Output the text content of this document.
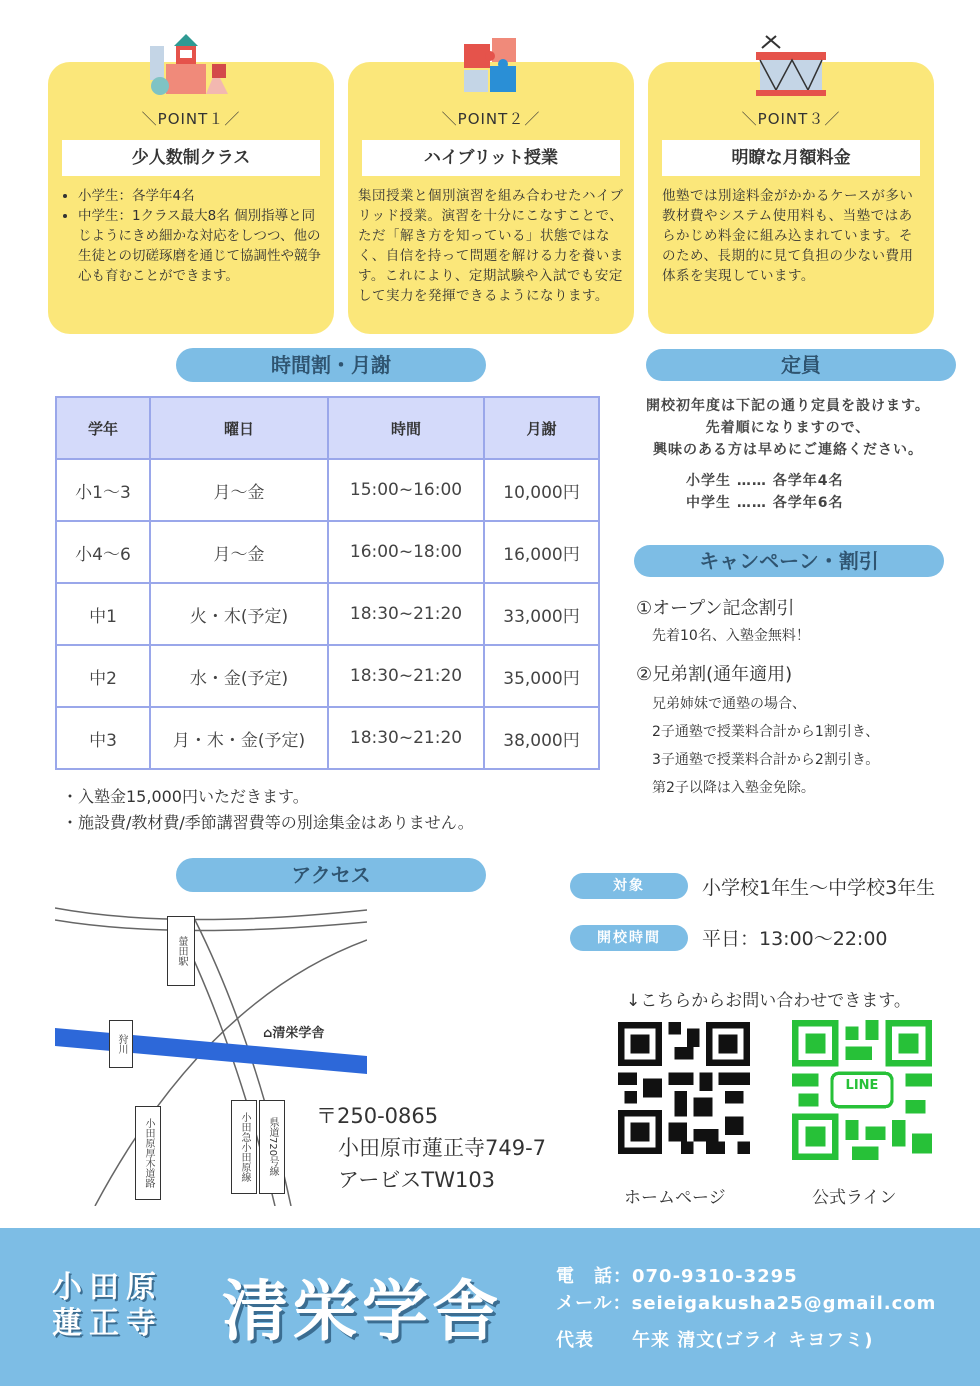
＼POINT１／
少人数制クラス
• 小学生：各学年4名
• 中学生：1クラス最大8名 個別指導と同じようにきめ細かな対応をしつつ、他の生徒との切磋琢磨を通じて協調性や競争心も育むことができます。
＼POINT２／
ハイブリット授業

集団授業と個別演習を組み合わせたハイブリッド授業。演習を十分にこなすことで、ただ「解き方を知っている」状態ではなく、自信を持って問題を解ける力を養います。これにより、定期試験や入試でも安定して実力を発揮できるようになります。

＼POINT３／
明瞭な月額料金

他塾では別途料金がかかるケースが多い教材費やシステム使用料も、当塾ではあらかじめ料金に組み込まれています。そのため、長期的に見て負担の少ない費用体系を実現しています。

時間割・月謝
学年	曜日	時間	月謝
小1〜3	月〜金	15:00~16:00	10,000円
小4〜6	月〜金	16:00~18:00	16,000円
中1	火・木(予定)	18:30~21:20	33,000円
中2	水・金(予定)	18:30~21:20	35,000円
中3	月・木・金(予定)	18:30~21:20	38,000円
・入塾金15,000円いただきます。
・施設費/教材費/季節講習費等の別途集金はありません。
定員
開校初年度は下記の通り定員を設けます。
先着順になりますので、
興味のある方は早めにご連絡ください。
小学生 …… 各学年4名
中学生 …… 各学年6名
キャンペーン・割引
①オープン記念割引
先着10名、入塾金無料！
②兄弟割(通年適用)
兄弟姉妹で通塾の場合、
2子通塾で授業料合計から1割引き、
3子通塾で授業料合計から2割引き。
第2子以降は入塾金免除。
アクセス
螢田駅
狩川
⌂清栄学舎
小田原厚木道路	小田急小田原線	県道720号線
〒250-0865
小田原市蓮正寺749-7
アービスTW103
対象	小学校1年生〜中学校3年生
開校時間	平日：13:00〜22:00
↓こちらからお問い合わせできます。
LINE
ホームページ	公式ライン
小田原
蓮正寺 清栄学舎	電　話：070-9310-3295
メール：seieigakusha25@gmail.com
代表　　午来 清文(ゴライ キヨフミ)
